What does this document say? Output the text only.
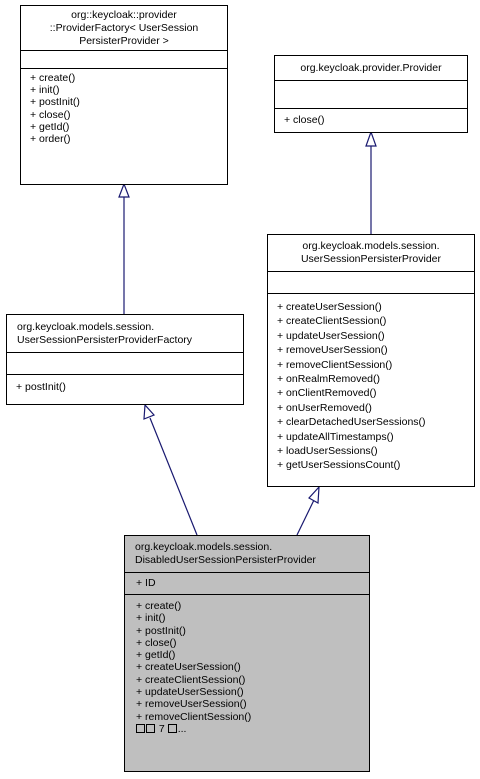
org::keycloak::provider
::ProviderFactory< UserSession
PersisterProvider >
+ create()
+ init()
+ postInit()
+ close()
+ getId()
+ order()
org.keycloak.provider.Provider
+ close()
org.keycloak.models.session.
UserSessionPersisterProviderFactory
+ postInit()
org.keycloak.models.session.
UserSessionPersisterProvider
+ createUserSession()
+ createClientSession()
+ updateUserSession()
+ removeUserSession()
+ removeClientSession()
+ onRealmRemoved()
+ onClientRemoved()
+ onUserRemoved()
+ clearDetachedUserSessions()
+ updateAllTimestamps()
+ loadUserSessions()
+ getUserSessionsCount()
org.keycloak.models.session.
DisabledUserSessionPersisterProvider
+ ID
+ create()
+ init()
+ postInit()
+ close()
+ getId()
+ createUserSession()
+ createClientSession()
+ updateUserSession()
+ removeUserSession()
+ removeClientSession()
7 ...
